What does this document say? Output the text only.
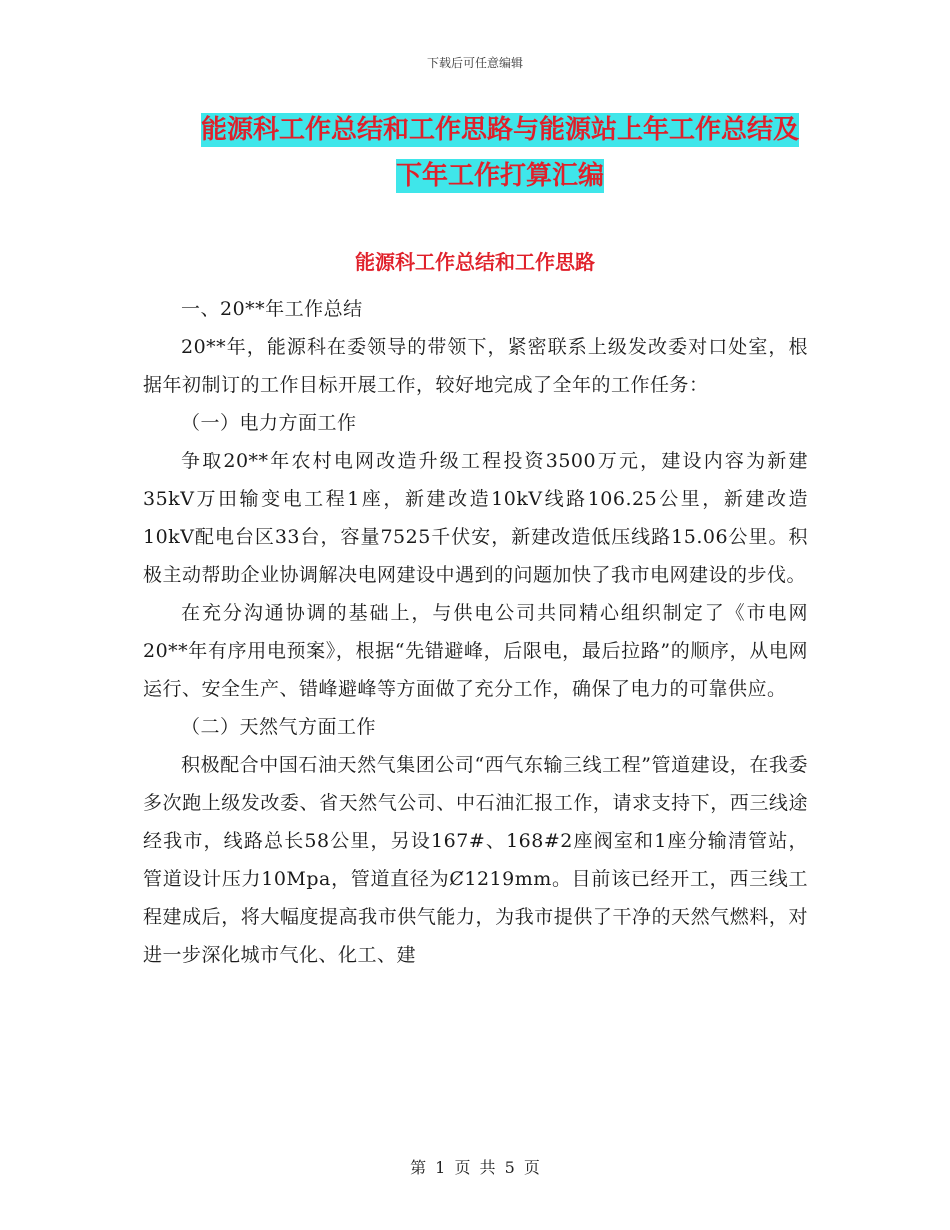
下载后可任意编辑
能源科工作总结和工作思路与能源站上年工作总结及
下年工作打算汇编
能源科工作总结和工作思路

一、20**年工作总结

20**年，能源科在委领导的带领下，紧密联系上级发改委对口处室，根据年初制订的工作目标开展工作，较好地完成了全年的工作任务：

（一）电力方面工作

争取20**年农村电网改造升级工程投资3500万元，建设内容为新建35kV万田输变电工程1座，新建改造10kV线路106.25公里，新建改造10kV配电台区33台，容量7525千伏安，新建改造低压线路15.06公里。积极主动帮助企业协调解决电网建设中遇到的问题加快了我市电网建设的步伐。

在充分沟通协调的基础上，与供电公司共同精心组织制定了《市电网20**年有序用电预案》，根据“先错避峰，后限电，最后拉路”的顺序，从电网运行、安全生产、错峰避峰等方面做了充分工作，确保了电力的可靠供应。

（二）天然气方面工作

积极配合中国石油天然气集团公司“西气东输三线工程”管道建设，在我委多次跑上级发改委、省天然气公司、中石油汇报工作，请求支持下，西三线途经我市，线路总长58公里，另设167#、168#2座阀室和1座分输清管站，管道设计压力10Mpa，管道直径为Ȼ1219mm。目前该已经开工，西三线工程建成后，将大幅度提高我市供气能力，为我市提供了干净的天然气燃料，对进一步深化城市气化、化工、建

第 1 页 共 5 页
